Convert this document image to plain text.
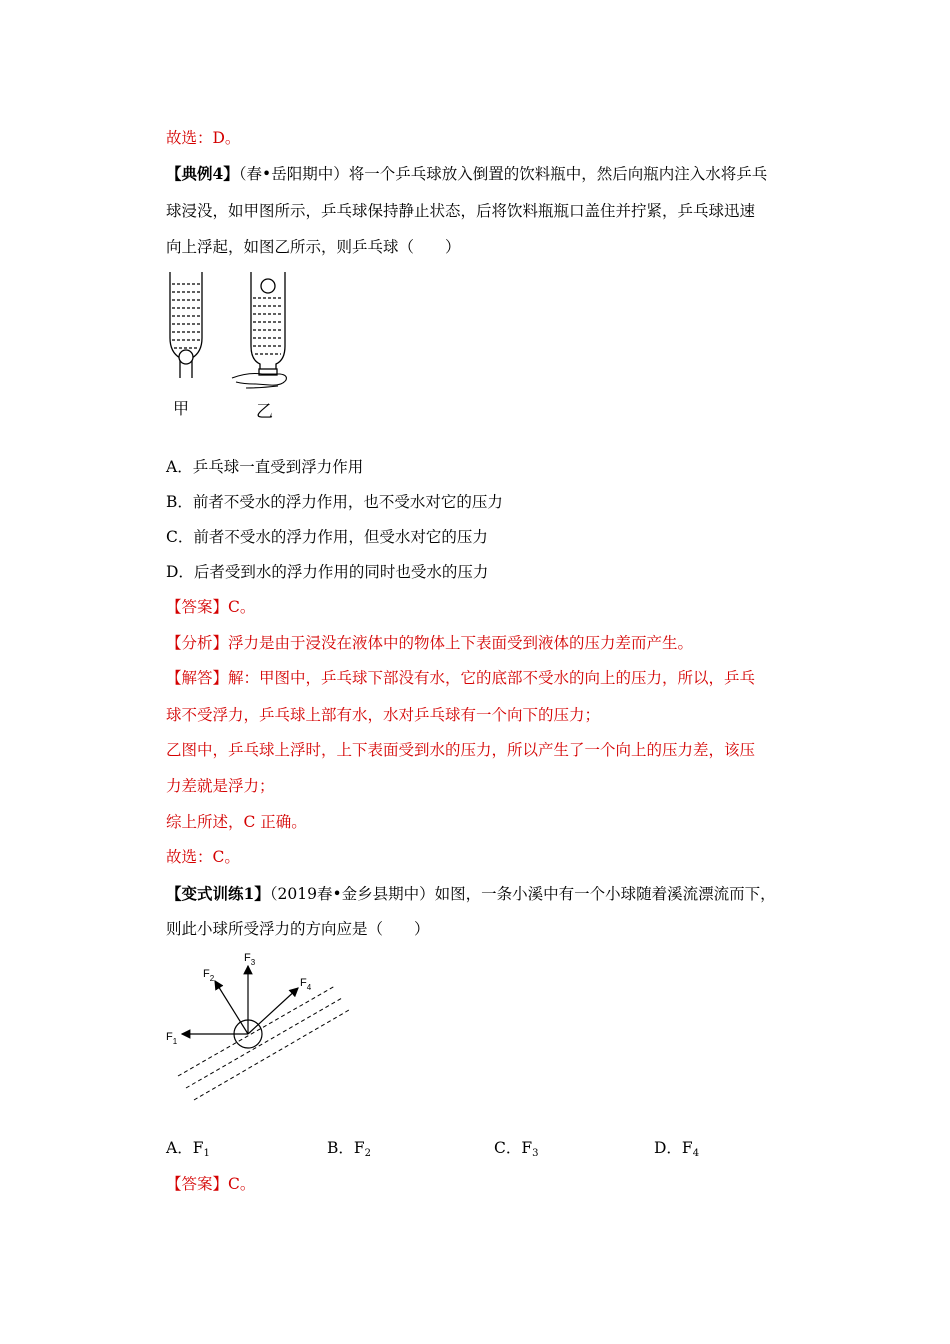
故选：D。
【典例4】（春•岳阳期中）将一个乒乓球放入倒置的饮料瓶中，然后向瓶内注入水将乒乓
球浸没，如甲图所示，乒乓球保持静止状态，后将饮料瓶瓶口盖住并拧紧，乒乓球迅速
向上浮起，如图乙所示，则乒乓球（　　）
甲	乙
A．乒乓球一直受到浮力作用
B．前者不受水的浮力作用，也不受水对它的压力
C．前者不受水的浮力作用，但受水对它的压力
D．后者受到水的浮力作用的同时也受水的压力
【答案】C。
【分析】浮力是由于浸没在液体中的物体上下表面受到液体的压力差而产生。
【解答】解：甲图中，乒乓球下部没有水，它的底部不受水的向上的压力，所以，乒乓
球不受浮力，乒乓球上部有水，水对乒乓球有一个向下的压力；
乙图中，乒乓球上浮时，上下表面受到水的压力，所以产生了一个向上的压力差，该压
力差就是浮力；
综上所述，C 正确。
故选：C。
【变式训练1】（2019春•金乡县期中）如图，一条小溪中有一个小球随着溪流漂流而下，
则此小球所受浮力的方向应是（　　）
$F_1$
$F_2$
$F_3$
$F_4$
A．$F_1$	B．$F_2$	C．$F_3$	D．$F_4$
【答案】C。
